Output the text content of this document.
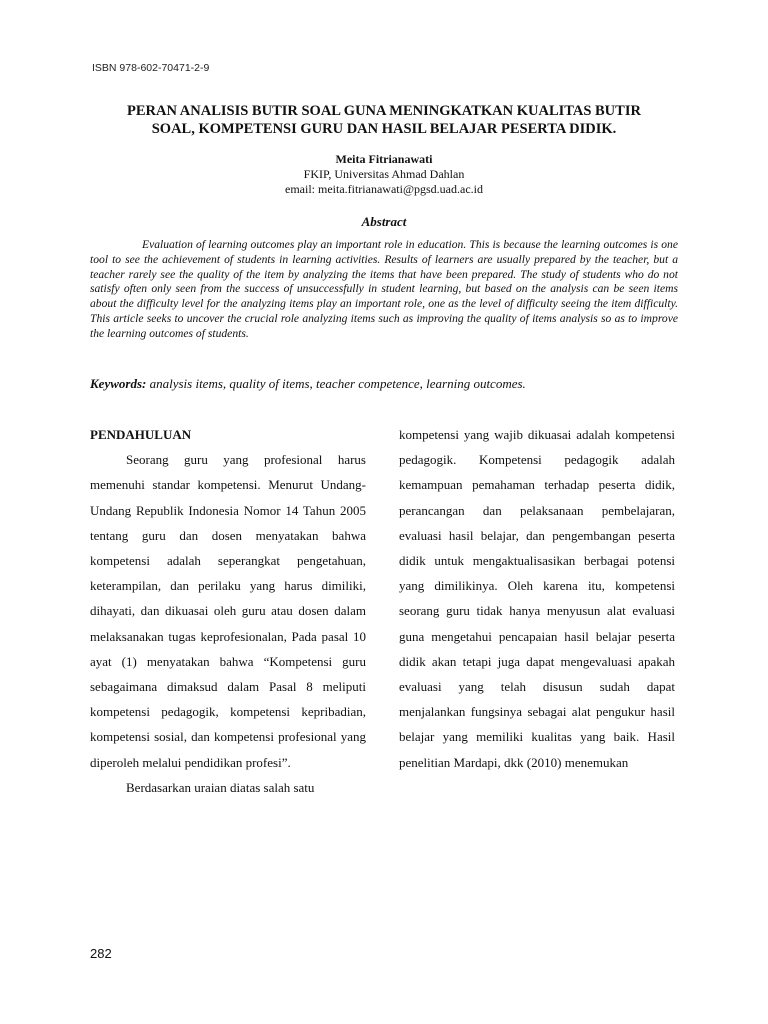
ISBN 978-602-70471-2-9
PERAN ANALISIS BUTIR SOAL GUNA MENINGKATKAN KUALITAS BUTIR
SOAL, KOMPETENSI GURU DAN HASIL BELAJAR PESERTA DIDIK.
Meita Fitrianawati
FKIP, Universitas Ahmad Dahlan
email: meita.fitrianawati@pgsd.uad.ac.id
Abstract

Evaluation of learning outcomes play an important role in education. This is because the learning outcomes is one tool to see the achievement of students in learning activities. Results of learners are usually prepared by the teacher, but a teacher rarely see the quality of the item by analyzing the items that have been prepared. The study of students who do not satisfy often only seen from the success of unsuccessfully in student learning, but based on the analysis can be seen items about the difficulty level for the analyzing items play an important role, one as the level of difficulty seeing the item difficulty. This article seeks to uncover the crucial role analyzing items such as improving the quality of items analysis so as to improve the learning outcomes of students.

Keywords: analysis items, quality of items, teacher competence, learning outcomes.
PENDAHULUAN

Seorang guru yang profesional harus memenuhi standar kompetensi. Menurut Undang-Undang Republik Indonesia Nomor 14 Tahun 2005 tentang guru dan dosen menyatakan bahwa kompetensi adalah seperangkat pengetahuan, keterampilan, dan perilaku yang harus dimiliki, dihayati, dan dikuasai oleh guru atau dosen dalam melaksanakan tugas keprofesionalan, Pada pasal 10 ayat (1) menyatakan bahwa “Kompetensi guru sebagaimana dimaksud dalam Pasal 8 meliputi kompetensi pedagogik, kompetensi kepribadian, kompetensi sosial, dan kompetensi profesional yang diperoleh melalui pendidikan profesi”.

Berdasarkan uraian diatas salah satu

kompetensi yang wajib dikuasai adalah kompetensi pedagogik. Kompetensi pedagogik adalah kemampuan pemahaman terhadap peserta didik, perancangan dan pelaksanaan pembelajaran, evaluasi hasil belajar, dan pengembangan peserta didik untuk mengaktualisasikan berbagai potensi yang dimilikinya. Oleh karena itu, kompetensi seorang guru tidak hanya menyusun alat evaluasi guna mengetahui pencapaian hasil belajar peserta didik akan tetapi juga dapat mengevaluasi apakah evaluasi yang telah disusun sudah dapat menjalankan fungsinya sebagai alat pengukur hasil belajar yang memiliki kualitas yang baik. Hasil penelitian Mardapi, dkk (2010) menemukan

282
